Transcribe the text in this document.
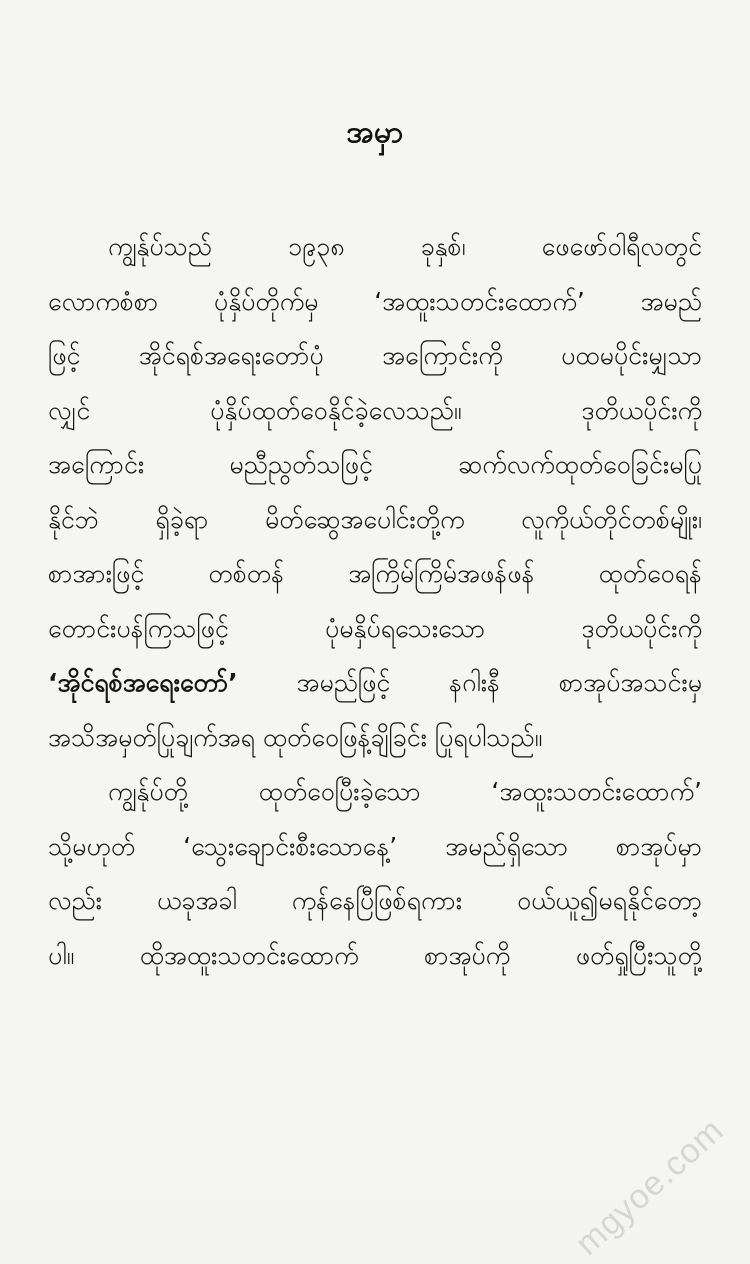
အမှာ
ကျွန်ုပ်သည် ၁၉၃၈ ခုနှစ်၊ ဖေဖော်ဝါရီလတွင်
လောကစံစာ ပုံနှိပ်တိုက်မှ ‘အထူးသတင်းထောက်’ အမည်
ဖြင့် အိုင်ရစ်အရေးတော်ပုံ အကြောင်းကို ပထမပိုင်းမျှသာ
လျှင် ပုံနှိပ်ထုတ်ဝေနိုင်ခဲ့လေသည်။ ဒုတိယပိုင်းကို
အကြောင်း မညီညွတ်သဖြင့် ဆက်လက်ထုတ်ဝေခြင်းမပြု
နိုင်ဘဲ ရှိခဲ့ရာ မိတ်ဆွေအပေါင်းတို့က လူကိုယ်တိုင်တစ်မျိုး၊
စာအားဖြင့် တစ်တန် အကြိမ်ကြိမ်အဖန်ဖန် ထုတ်ဝေရန်
တောင်းပန်ကြသဖြင့် ပုံမနှိပ်ရသေးသော ဒုတိယပိုင်းကို
‘အိုင်ရစ်အရေးတော်’ အမည်ဖြင့် နဂါးနီ စာအုပ်အသင်းမှ
အသိအမှတ်ပြုချက်အရ ထုတ်ဝေဖြန့်ချိခြင်း ပြုရပါသည်။
ကျွန်ုပ်တို့ ထုတ်ဝေပြီးခဲ့သော ‘အထူးသတင်းထောက်’
သို့မဟုတ် ‘သွေးချောင်းစီးသောနေ့’ အမည်ရှိသော စာအုပ်မှာ
လည်း ယခုအခါ ကုန်နေပြီဖြစ်ရကား ဝယ်ယူ၍မရနိုင်တော့
ပါ။ ထိုအထူးသတင်းထောက် စာအုပ်ကို ဖတ်ရှုပြီးသူတို့
mgyoe.com
